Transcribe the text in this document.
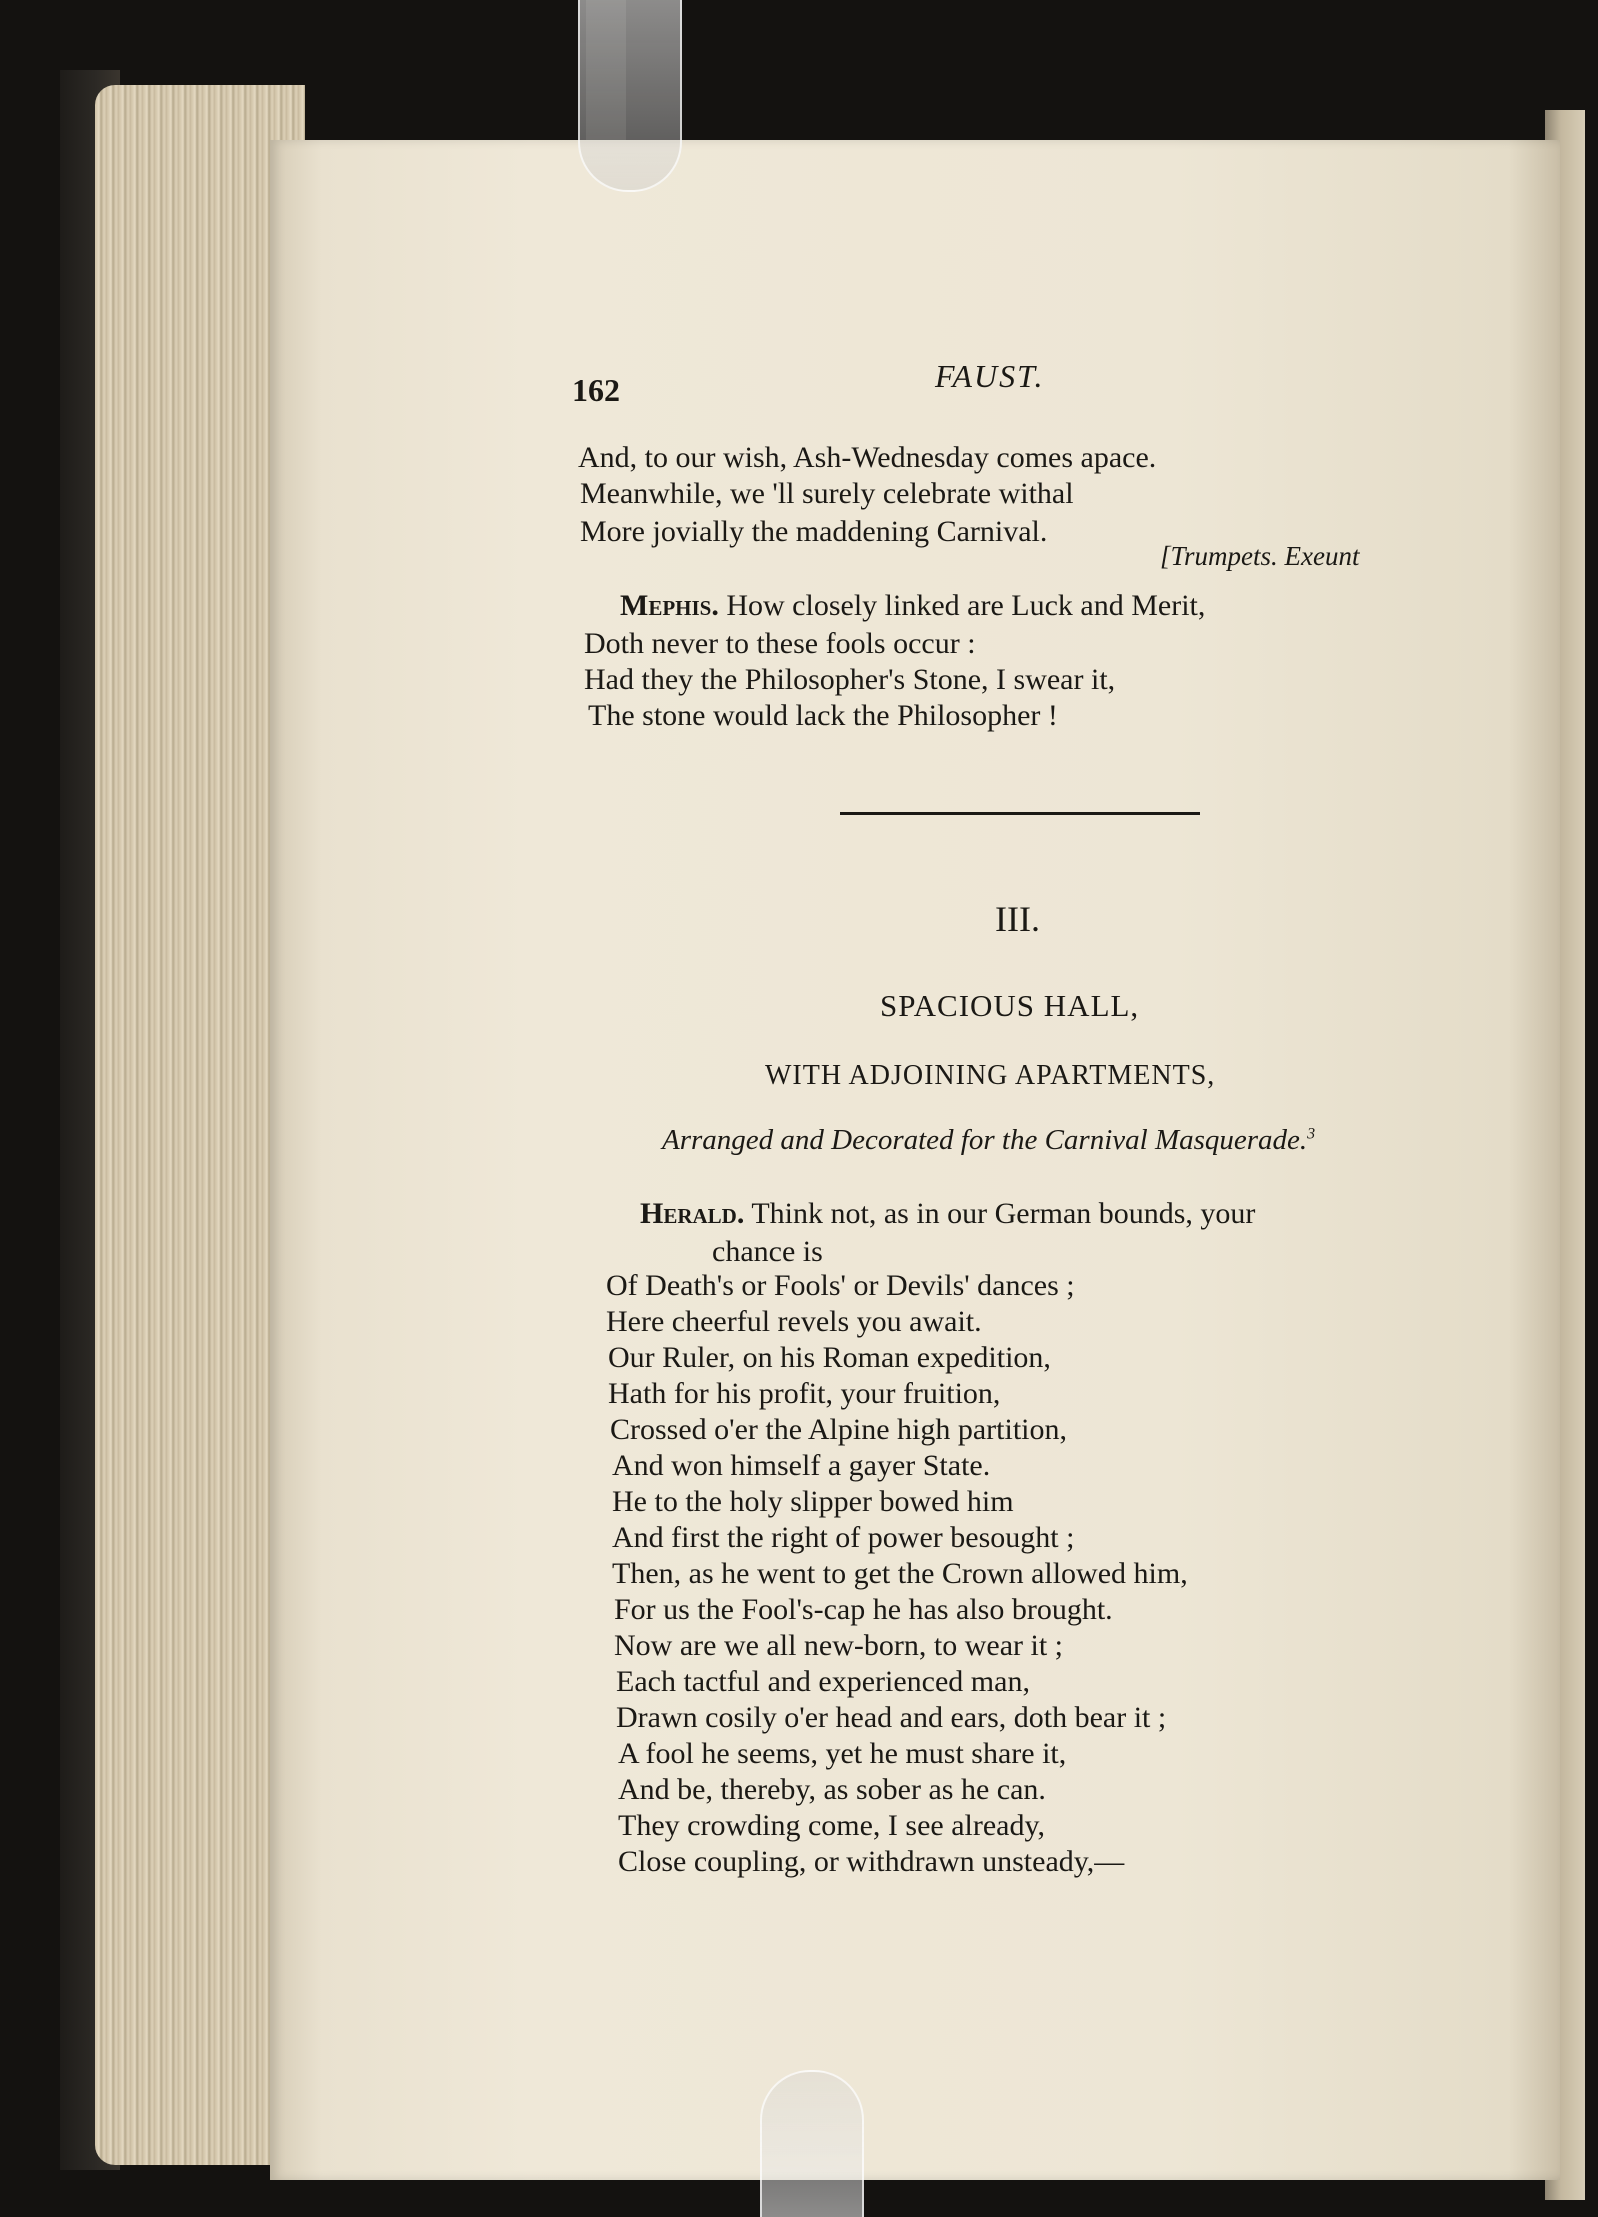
162	FAUST.
And, to our wish, Ash-Wednesday comes apace.
Meanwhile, we 'll surely celebrate withal
More jovially the maddening Carnival.
[Trumpets. Exeunt
Mephis. How closely linked are Luck and Merit,
Doth never to these fools occur :
Had they the Philosopher's Stone, I swear it,
The stone would lack the Philosopher !
III.
SPACIOUS HALL,
WITH ADJOINING APARTMENTS,
Arranged and Decorated for the Carnival Masquerade.$^3$
Herald. Think not, as in our German bounds, your
chance is
Of Death's or Fools' or Devils' dances ;
Here cheerful revels you await.
Our Ruler, on his Roman expedition,
Hath for his profit, your fruition,
Crossed o'er the Alpine high partition,
And won himself a gayer State.
He to the holy slipper bowed him
And first the right of power besought ;
Then, as he went to get the Crown allowed him,
For us the Fool's-cap he has also brought.
Now are we all new-born, to wear it ;
Each tactful and experienced man,
Drawn cosily o'er head and ears, doth bear it ;
A fool he seems, yet he must share it,
And be, thereby, as sober as he can.
They crowding come, I see already,
Close coupling, or withdrawn unsteady,—
